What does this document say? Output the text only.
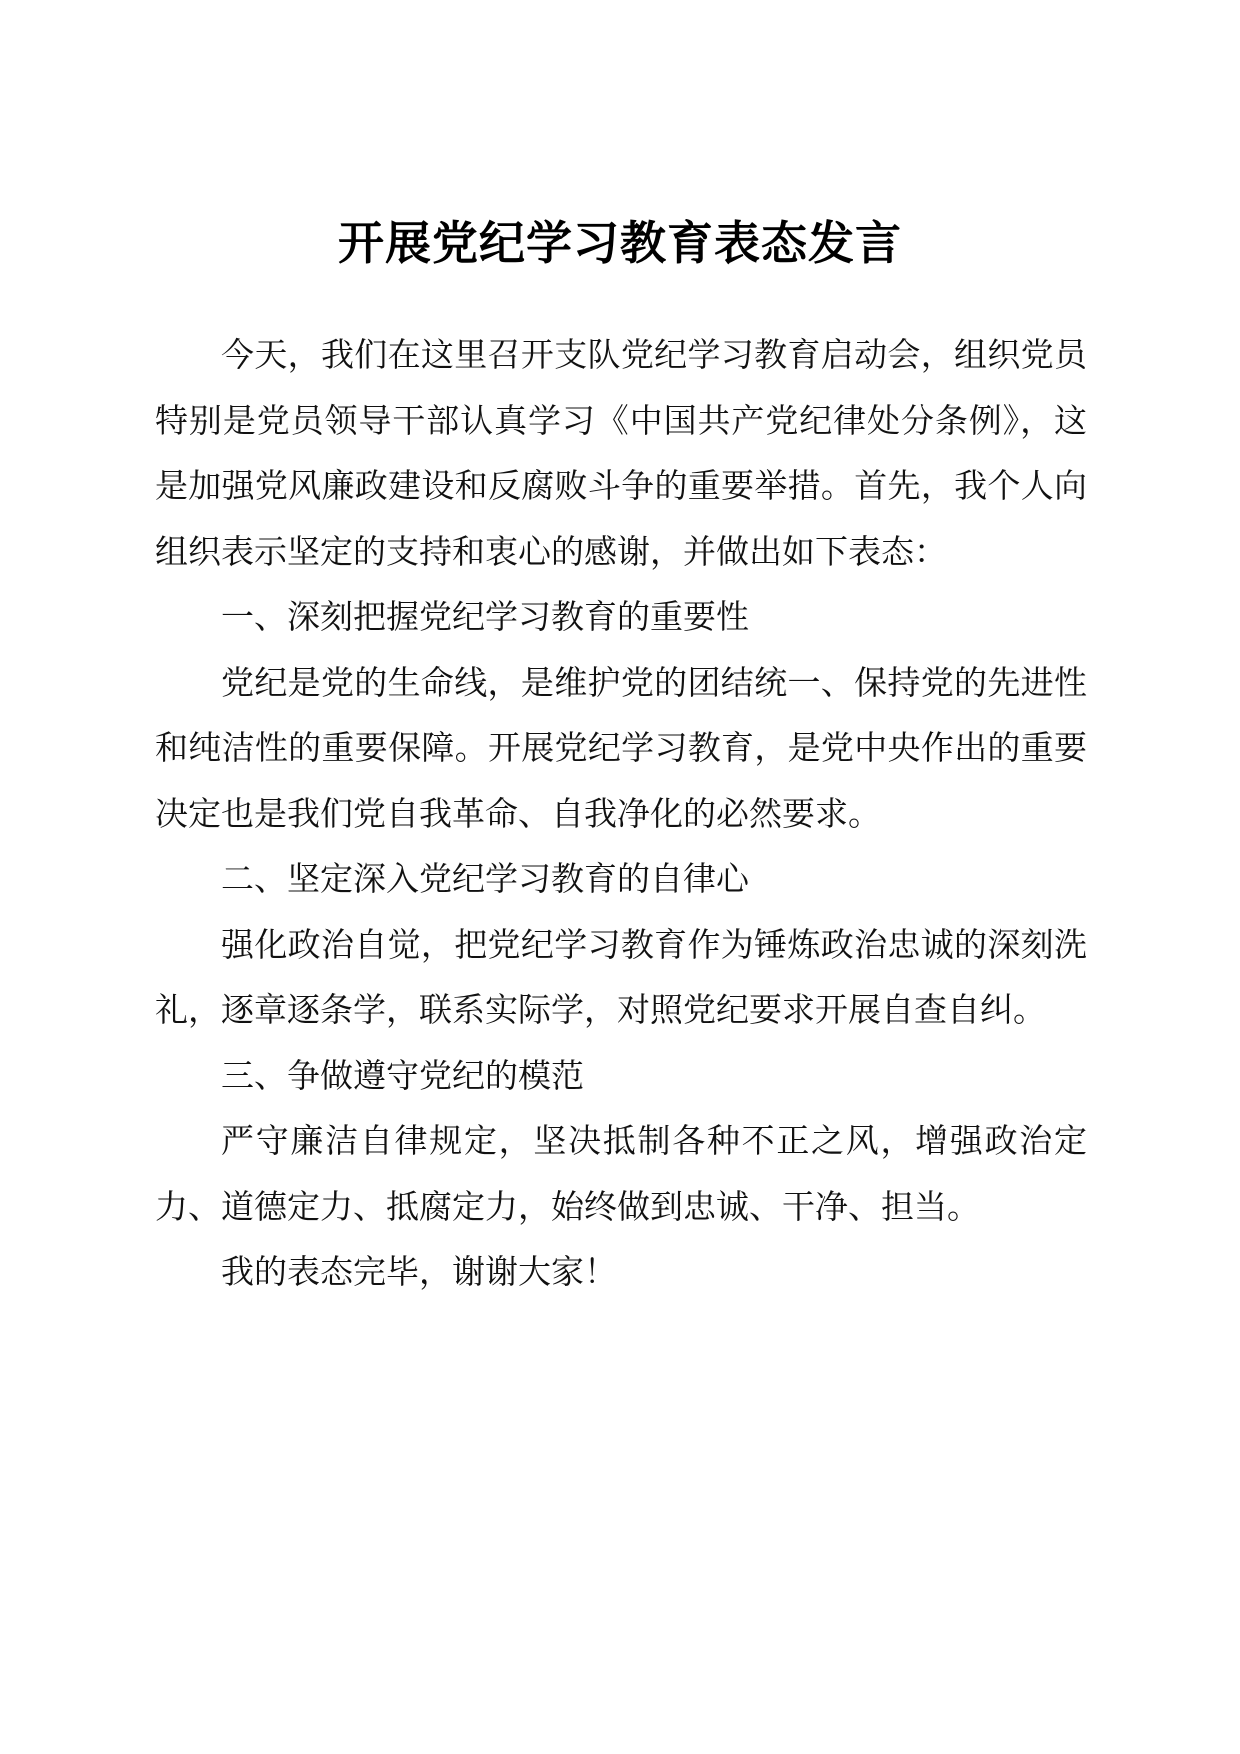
开展党纪学习教育表态发言

今天，我们在这里召开支队党纪学习教育启动会，组织党员特别是党员领导干部认真学习《中国共产党纪律处分条例》，这是加强党风廉政建设和反腐败斗争的重要举措。首先，我个人向组织表示坚定的支持和衷心的感谢，并做出如下表态：

一、深刻把握党纪学习教育的重要性

党纪是党的生命线，是维护党的团结统一、保持党的先进性和纯洁性的重要保障。开展党纪学习教育，是党中央作出的重要决定也是我们党自我革命、自我净化的必然要求。

二、坚定深入党纪学习教育的自律心

强化政治自觉，把党纪学习教育作为锤炼政治忠诚的深刻洗礼，逐章逐条学，联系实际学，对照党纪要求开展自查自纠。

三、争做遵守党纪的模范

严守廉洁自律规定，坚决抵制各种不正之风，增强政治定力、道德定力、抵腐定力，始终做到忠诚、干净、担当。

我的表态完毕，谢谢大家！
